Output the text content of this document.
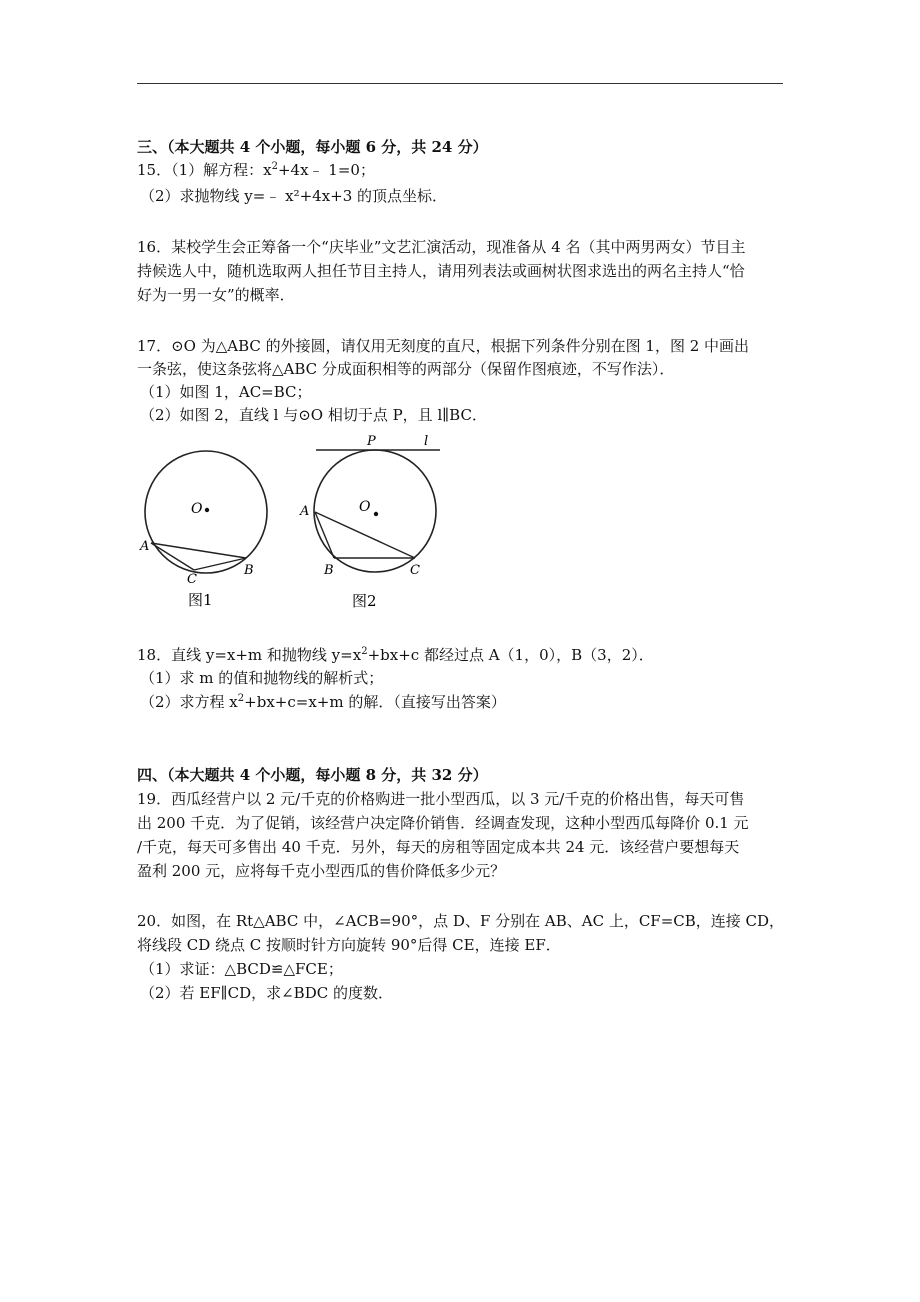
三、（本大题共 4 个小题，每小题 6 分，共 24 分）
15．（1）解方程：$x^2+4x﹣$ 1=0；
（2）求抛物线 y=﹣ x²+4x+3 的顶点坐标．
16．某校学生会正筹备一个“庆毕业”文艺汇演活动，现准备从 4 名（其中两男两女）节目主
持候选人中，随机选取两人担任节目主持人，请用列表法或画树状图求选出的两名主持人“恰
好为一男一女”的概率．
17．⊙O 为△ABC 的外接圆，请仅用无刻度的直尺，根据下列条件分别在图 1，图 2 中画出
一条弦，使这条弦将△ABC 分成面积相等的两部分（保留作图痕迹，不写作法）．
（1）如图 1，AC=BC；
（2）如图 2，直线 l 与⊙O 相切于点 P，且 l∥BC．
O
A
B
C
图1
P	l
O
A
B	C
图2
18．直线 y=x+m 和抛物线 $y=x^2+bx+c$ 都经过点 A（1，0），B（3，2）．
（1）求 m 的值和抛物线的解析式；
（2）求方程 $x^2+bx+c=x+m$ 的解．（直接写出答案）
四、（本大题共 4 个小题，每小题 8 分，共 32 分）
19．西瓜经营户以 2 元/千克的价格购进一批小型西瓜，以 3 元/千克的价格出售，每天可售
出 200 千克．为了促销，该经营户决定降价销售．经调查发现，这种小型西瓜每降价 0.1 元
/千克，每天可多售出 40 千克．另外，每天的房租等固定成本共 24 元．该经营户要想每天
盈利 200 元，应将每千克小型西瓜的售价降低多少元？
20．如图，在 Rt△ABC 中，∠ACB=90°，点 D、F 分别在 AB、AC 上，CF=CB，连接 CD，
将线段 CD 绕点 C 按顺时针方向旋转 90°后得 CE，连接 EF．
（1）求证：△BCD≌△FCE；
（2）若 EF∥CD，求∠BDC 的度数．
